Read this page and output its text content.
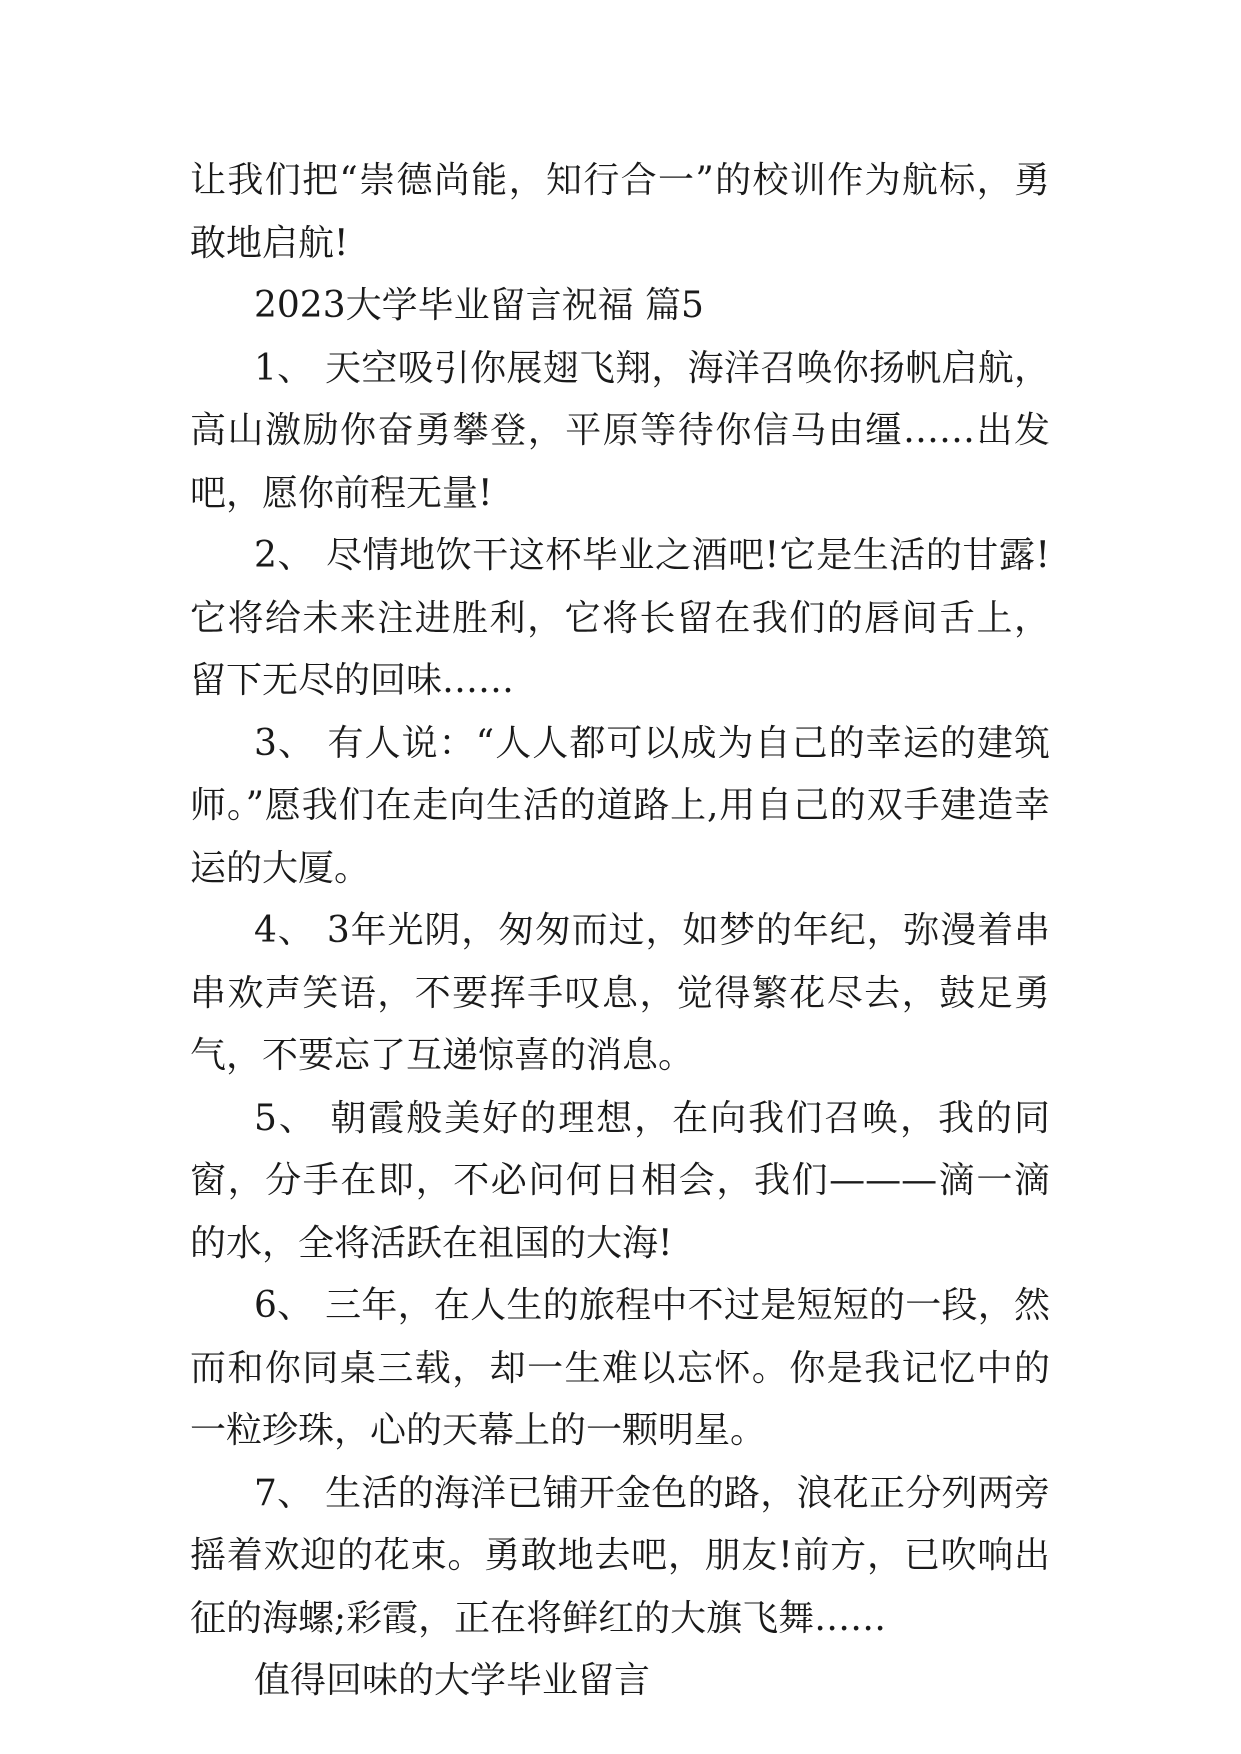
让我们把“崇德尚能，知行合一”的校训作为航标，勇敢地启航!

2023大学毕业留言祝福 篇5

1、 天空吸引你展翅飞翔，海洋召唤你扬帆启航，高山激励你奋勇攀登，平原等待你信马由缰……出发吧，愿你前程无量!

2、 尽情地饮干这杯毕业之酒吧!它是生活的甘露!它将给未来注进胜利，它将长留在我们的唇间舌上，留下无尽的回味……

3、 有人说：“人人都可以成为自己的幸运的建筑师。”愿我们在走向生活的道路上,用自己的双手建造幸运的大厦。

4、 3年光阴，匆匆而过，如梦的年纪，弥漫着串串欢声笑语，不要挥手叹息，觉得繁花尽去，鼓足勇气，不要忘了互递惊喜的消息。

5、 朝霞般美好的理想，在向我们召唤，我的同窗，分手在即，不必问何日相会，我们———滴一滴的水，全将活跃在祖国的大海!

6、 三年，在人生的旅程中不过是短短的一段，然而和你同桌三载，却一生难以忘怀。你是我记忆中的一粒珍珠，心的天幕上的一颗明星。

7、 生活的海洋已铺开金色的路，浪花正分列两旁摇着欢迎的花束。勇敢地去吧，朋友!前方，已吹响出征的海螺;彩霞，正在将鲜红的大旗飞舞……

值得回味的大学毕业留言
